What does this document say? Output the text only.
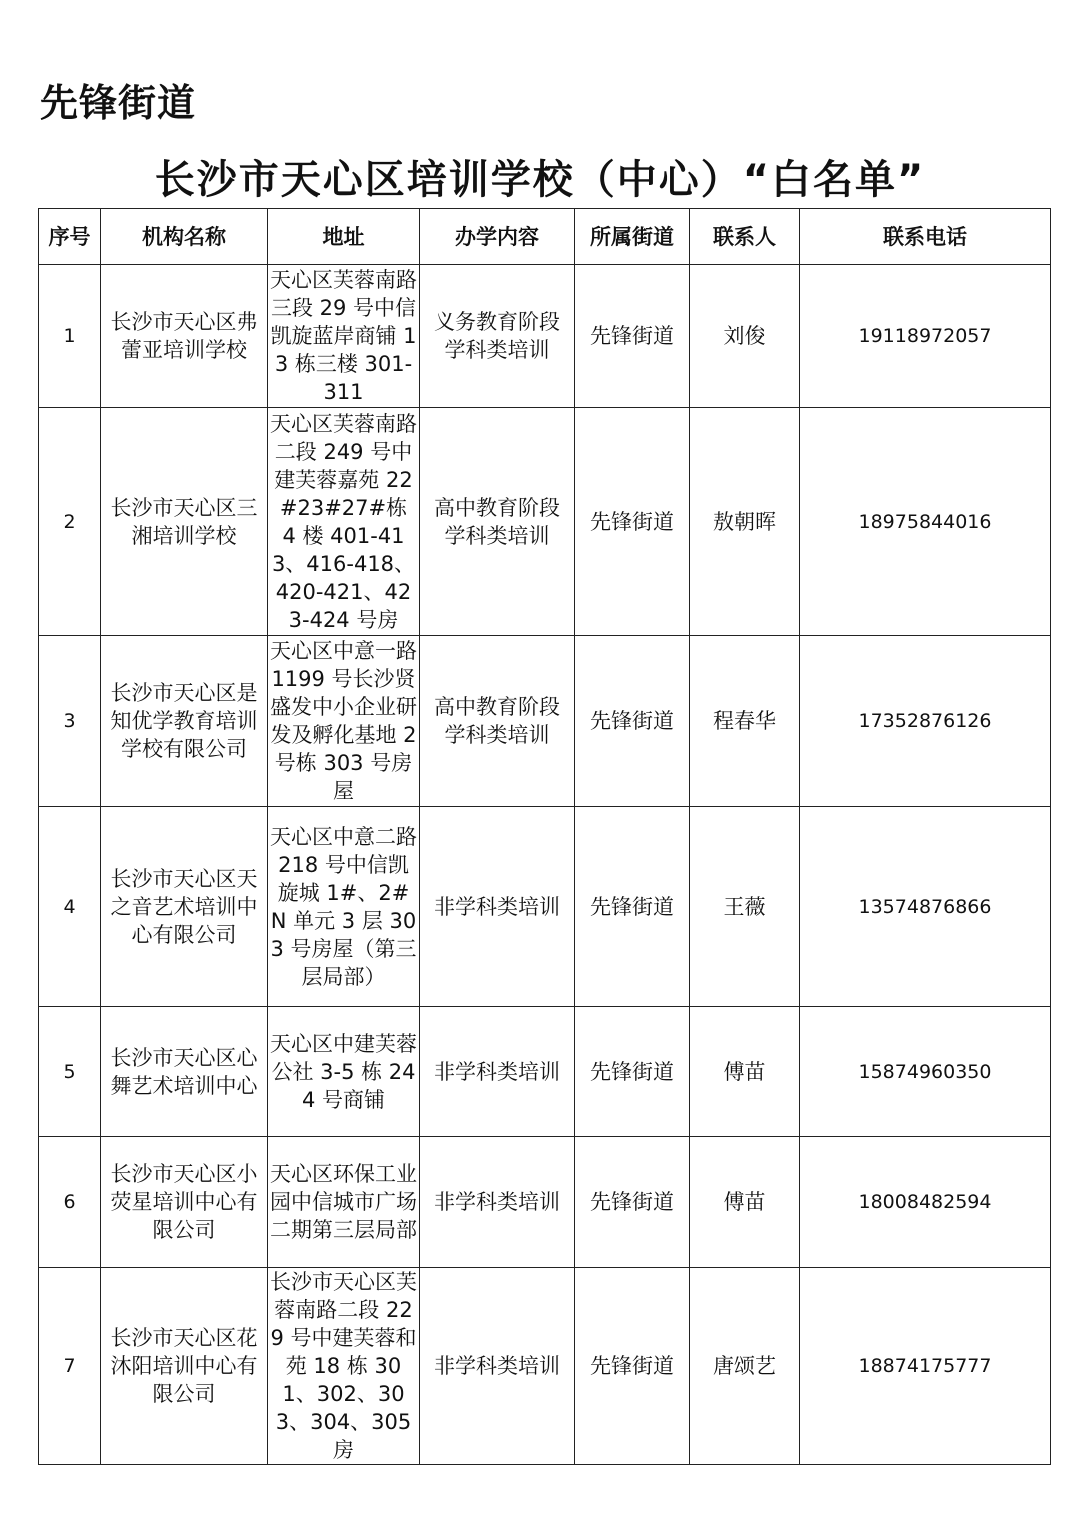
先锋街道
长沙市天心区培训学校（中心）“白名单”
序号	机构名称	地址	办学内容	所属街道	联系人	联系电话
1	长沙市天心区弗蕾亚培训学校	天心区芙蓉南路三段 29 号中信凯旋蓝岸商铺 13 栋三楼 301-311	义务教育阶段学科类培训	先锋街道	刘俊	19118972057
2	长沙市天心区三湘培训学校	天心区芙蓉南路二段 249 号中建芙蓉嘉苑 22#23#27#栋 4 楼 401-413、416-418、420-421、423-424 号房	高中教育阶段学科类培训	先锋街道	敖朝晖	18975844016
3	长沙市天心区是知优学教育培训学校有限公司	天心区中意一路 1199 号长沙贤盛发中小企业研发及孵化基地 2 号栋 303 号房屋	高中教育阶段学科类培训	先锋街道	程春华	17352876126
4	长沙市天心区天之音艺术培训中心有限公司	天心区中意二路 218 号中信凯旋城 1#、2#N 单元 3 层 303 号房屋（第三层局部）	非学科类培训	先锋街道	王薇	13574876866
5	长沙市天心区心舞艺术培训中心	天心区中建芙蓉公社 3-5 栋 244 号商铺	非学科类培训	先锋街道	傅苗	15874960350
6	长沙市天心区小荧星培训中心有限公司	天心区环保工业园中信城市广场二期第三层局部	非学科类培训	先锋街道	傅苗	18008482594
7	长沙市天心区花沐阳培训中心有限公司	长沙市天心区芙蓉南路二段 229 号中建芙蓉和苑 18 栋 301、302、303、304、305 房	非学科类培训	先锋街道	唐颂艺	18874175777
